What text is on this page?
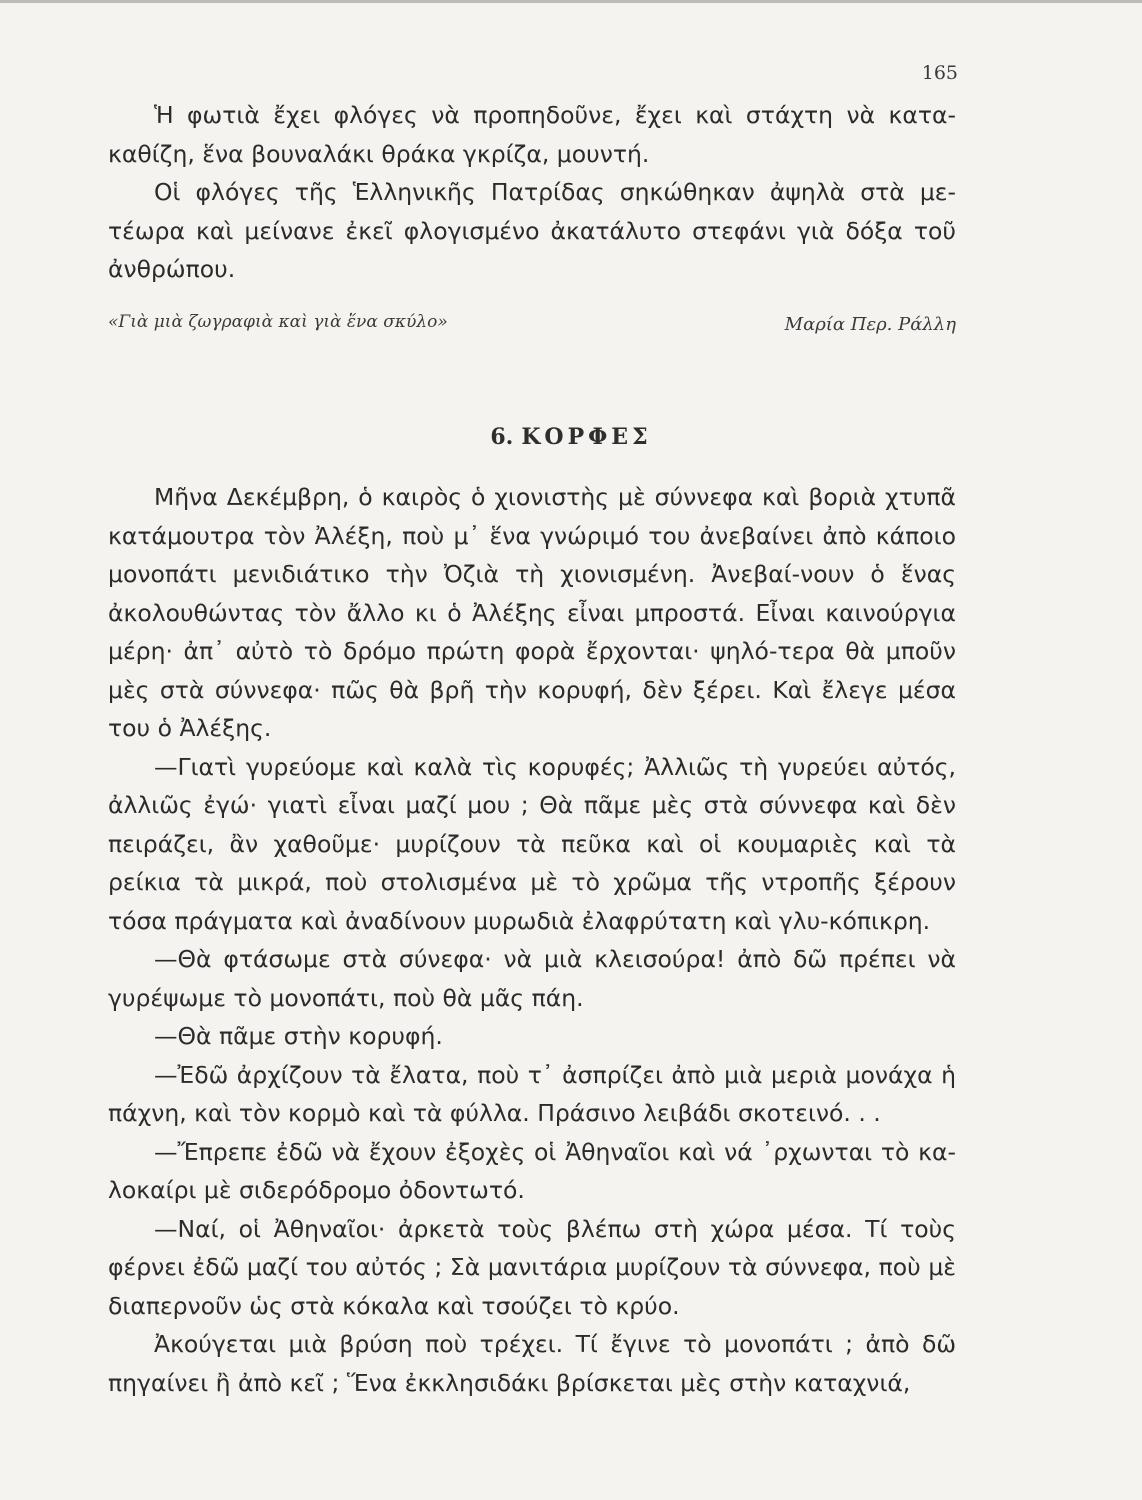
165

Ἡ φωτιὰ ἔχει φλόγες νὰ προπηδοῦνε, ἔχει καὶ στάχτη νὰ κατα-καθίζη, ἕνα βουναλάκι θράκα γκρίζα, μουντή.

Οἱ φλόγες τῆς Ἑλληνικῆς Πατρίδας σηκώθηκαν ἀψηλὰ στὰ με-τέωρα καὶ μείνανε ἐκεῖ φλογισμένο ἀκατάλυτο στεφάνι γιὰ δόξα τοῦ ἀνθρώπου.

«Γιὰ μιὰ ζωγραφιὰ καὶ γιὰ ἕνα σκύλο»	Μαρία Περ. Ράλλη
6. ΚΟΡΦΕΣ

Μῆνα Δεκέμβρη, ὁ καιρὸς ὁ χιονιστὴς μὲ σύννεφα καὶ βοριὰ χτυπᾶ κατάμουτρα τὸν Ἀλέξη, ποὺ μ᾽ ἕνα γνώριμό του ἀνεβαίνει ἀπὸ κάποιο μονοπάτι μενιδιάτικο τὴν Ὀζιὰ τὴ χιονισμένη. Ἀνεβαί-νουν ὁ ἕνας ἀκολουθώντας τὸν ἄλλο κι ὁ Ἀλέξης εἶναι μπροστά. Εἶναι καινούργια μέρη· ἀπ᾽ αὐτὸ τὸ δρόμο πρώτη φορὰ ἔρχονται· ψηλό-τερα θὰ μποῦν μὲς στὰ σύννεφα· πῶς θὰ βρῆ τὴν κορυφή, δὲν ξέρει. Καὶ ἔλεγε μέσα του ὁ Ἀλέξης.

—Γιατὶ γυρεύομε καὶ καλὰ τὶς κορυφές; Ἀλλιῶς τὴ γυρεύει αὐτός, ἀλλιῶς ἐγώ· γιατὶ εἶναι μαζί μου ; Θὰ πᾶμε μὲς στὰ σύννεφα καὶ δὲν πειράζει, ἂν χαθοῦμε· μυρίζουν τὰ πεῦκα καὶ οἱ κουμαριὲς καὶ τὰ ρείκια τὰ μικρά, ποὺ στολισμένα μὲ τὸ χρῶμα τῆς ντροπῆς ξέρουν τόσα πράγματα καὶ ἀναδίνουν μυρωδιὰ ἐλαφρύτατη καὶ γλυ-κόπικρη.

—Θὰ φτάσωμε στὰ σύνεφα· νὰ μιὰ κλεισούρα! ἀπὸ δῶ πρέπει νὰ γυρέψωμε τὸ μονοπάτι, ποὺ θὰ μᾶς πάη.

—Θὰ πᾶμε στὴν κορυφή.

—Ἐδῶ ἀρχίζουν τὰ ἔλατα, ποὺ τ᾽ ἀσπρίζει ἀπὸ μιὰ μεριὰ μονάχα ἡ πάχνη, καὶ τὸν κορμὸ καὶ τὰ φύλλα. Πράσινο λειβάδι σκοτεινό. . .

—Ἔπρεπε ἐδῶ νὰ ἔχουν ἐξοχὲς οἱ Ἀθηναῖοι καὶ νά ᾽ρχωνται τὸ κα-λοκαίρι μὲ σιδερόδρομο ὀδοντωτό.

—Ναί, οἱ Ἀθηναῖοι· ἀρκετὰ τοὺς βλέπω στὴ χώρα μέσα. Τί τοὺς φέρνει ἐδῶ μαζί του αὐτός ; Σὰ μανιτάρια μυρίζουν τὰ σύννεφα, ποὺ μὲ διαπερνοῦν ὡς στὰ κόκαλα καὶ τσούζει τὸ κρύο.

Ἀκούγεται μιὰ βρύση ποὺ τρέχει. Τί ἔγινε τὸ μονοπάτι ; ἀπὸ δῶ πηγαίνει ἢ ἀπὸ κεῖ ; Ἕνα ἐκκλησιδάκι βρίσκεται μὲς στὴν καταχνιά,
